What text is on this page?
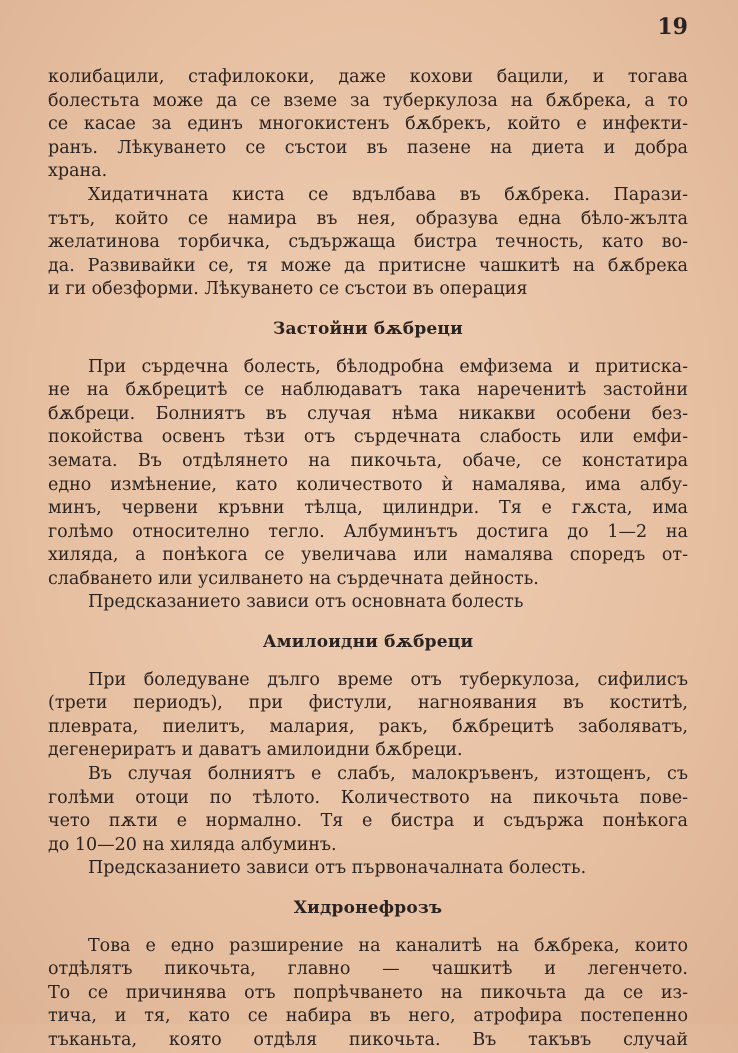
19
колибацили, стафилококи, даже кохови бацили, и тогава
болестьта може да се вземе за туберкулоза на бѫбрека, а то
се касае за единъ многокистенъ бѫбрекъ, който е инфекти-
ранъ. Лѣкуването се състои въ пазене на диета и добра
храна.
Хидатичната киста се вдълбава въ бѫбрека. Парази-
тътъ, който се намира въ нея, образува една бѣло-жълта
желатинова торбичка, съдържаща бистра течность, като во-
да. Развивайки се, тя може да притисне чашкитѣ на бѫбрека
и ги обезформи. Лѣкуването се състои въ операция
Застойни бѫбреци
При сърдечна болесть, бѣлодробна емфизема и притиска-
не на бѫбрецитѣ се наблюдаватъ така нареченитѣ застойни
бѫбреци. Болниятъ въ случая нѣма никакви особени без-
покойства освенъ тѣзи отъ сърдечната слабость или емфи-
земата. Въ отдѣлянето на пикочьта, обаче, се констатира
едно измѣнение, като количеството ѝ намалява, има албу-
минъ, червени кръвни тѣлца, цилиндри. Тя е гѫста, има
голѣмо относително тегло. Албуминътъ достига до 1—2 на
хиляда, а понѣкога се увеличава или намалява споредъ от-
слабването или усилването на сърдечната дейность.
Предсказанието зависи отъ основната болесть
Амилоидни бѫбреци
При боледуване дълго време отъ туберкулоза, сифилисъ
(трети периодъ), при фистули, нагноявания въ коститѣ,
плеврата, пиелитъ, малария, ракъ, бѫбрецитѣ заболяватъ,
дегенериратъ и даватъ амилоидни бѫбреци.
Въ случая болниятъ е слабъ, малокръвенъ, изтощенъ, съ
голѣми отоци по тѣлото. Количеството на пикочьта пове-
чето пѫти е нормално. Тя е бистра и съдържа понѣкога
до 10—20 на хиляда албуминъ.
Предсказанието зависи отъ първоначалната болесть.
Хидронефрозъ
Това е едно разширение на каналитѣ на бѫбрека, които
отдѣлятъ пикочьта, главно — чашкитѣ и легенчето.
То се причинява отъ попрѣчването на пикочьта да се из-
тича, и тя, като се набира въ него, атрофира постепенно
тъканьта, която отдѣля пикочьта. Въ такъвъ случай
